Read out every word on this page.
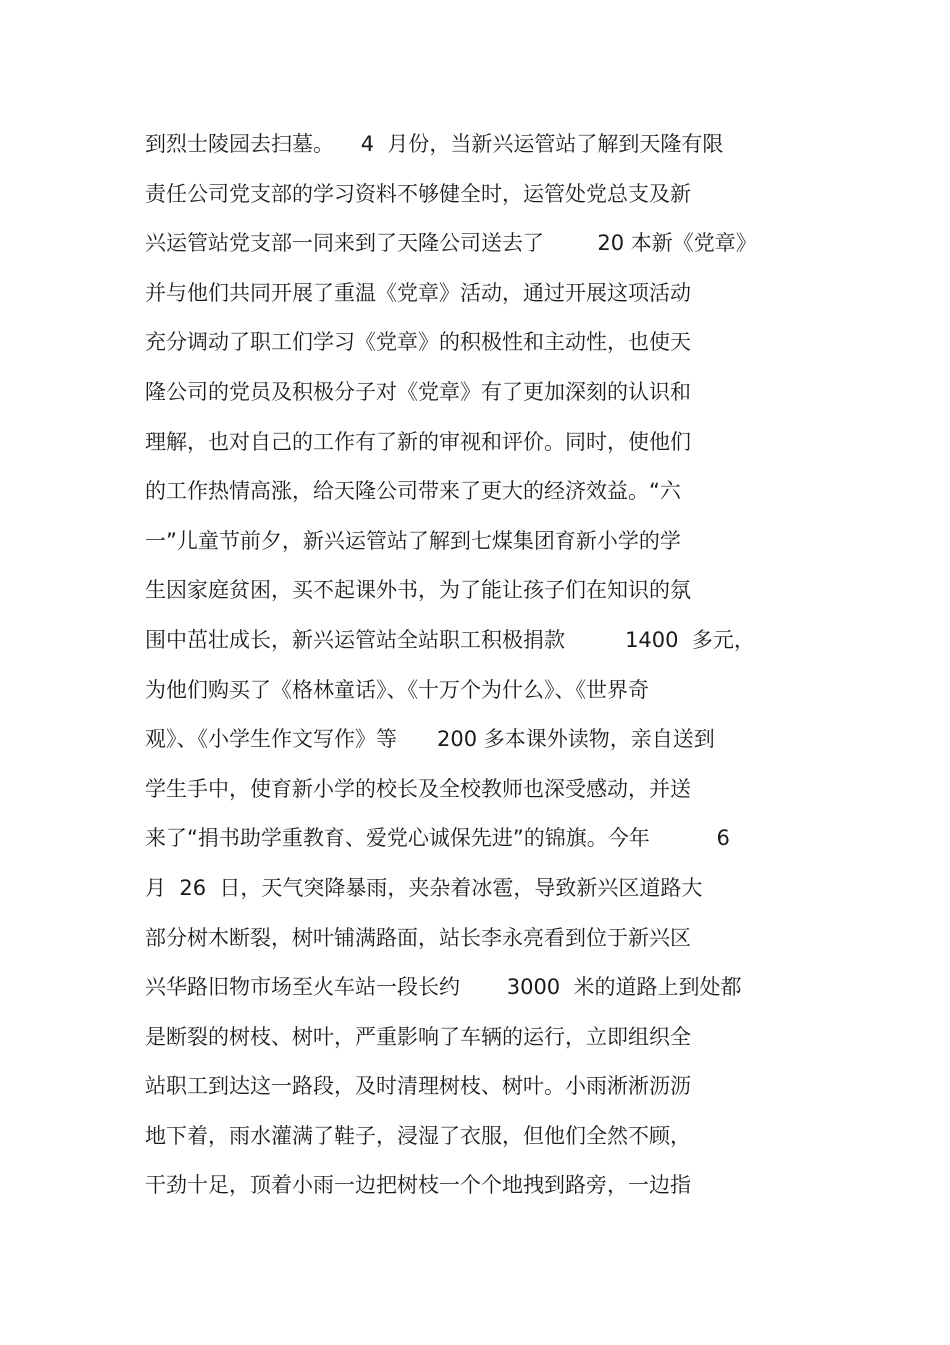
到烈士陵园去扫墓。    4  月份，当新兴运管站了解到天隆有限
责任公司党支部的学习资料不够健全时，运管处党总支及新
兴运管站党支部一同来到了天隆公司送去了        20 本新《党章》
并与他们共同开展了重温《党章》活动，通过开展这项活动
充分调动了职工们学习《党章》的积极性和主动性，也使天
隆公司的党员及积极分子对《党章》有了更加深刻的认识和
理解，也对自己的工作有了新的审视和评价。同时，使他们
的工作热情高涨，给天隆公司带来了更大的经济效益。“六
一”儿童节前夕，新兴运管站了解到七煤集团育新小学的学
生因家庭贫困，买不起课外书，为了能让孩子们在知识的氛
围中茁壮成长，新兴运管站全站职工积极捐款         1400  多元，
为他们购买了《格林童话》、《十万个为什么》、《世界奇
观》、《小学生作文写作》等      200 多本课外读物，亲自送到
学生手中，使育新小学的校长及全校教师也深受感动，并送
来了“捐书助学重教育、爱党心诚保先进”的锦旗。今年          6
月  26  日，天气突降暴雨，夹杂着冰雹，导致新兴区道路大
部分树木断裂，树叶铺满路面，站长李永亮看到位于新兴区
兴华路旧物市场至火车站一段长约       3000  米的道路上到处都
是断裂的树枝、树叶，严重影响了车辆的运行，立即组织全
站职工到达这一路段，及时清理树枝、树叶。小雨淅淅沥沥
地下着，雨水灌满了鞋子，浸湿了衣服，但他们全然不顾，
干劲十足，顶着小雨一边把树枝一个个地拽到路旁，一边指
